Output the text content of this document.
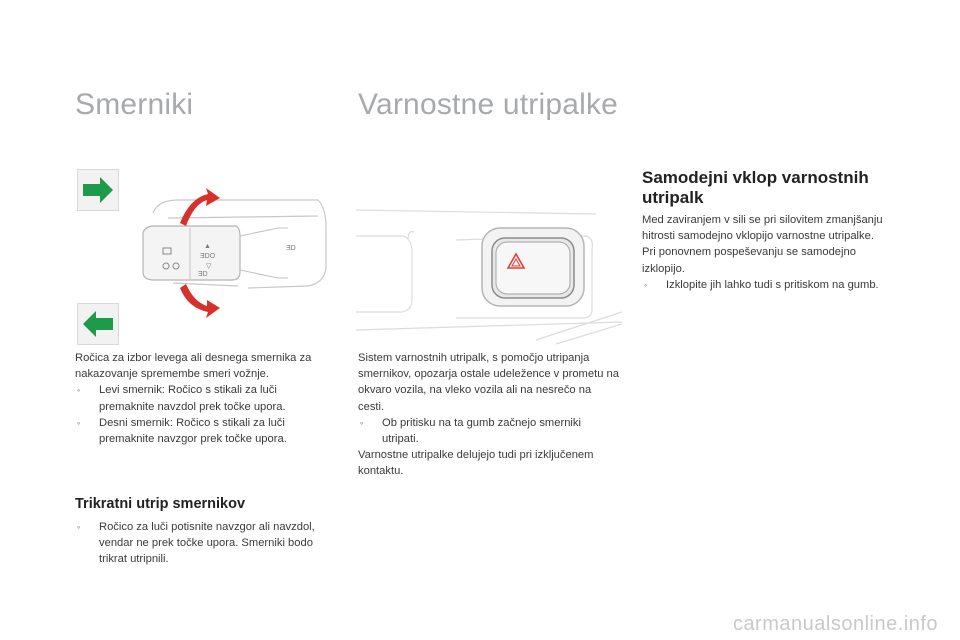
Smerniki	Varnostne utripalke
▲
ƎDO
▽
ƎD
ƎD

Ročica za izbor levega ali desnega smernika za nakazovanje spremembe smeri vožnje.

◦ Levi smernik: Ročico s stikali za luči premaknite navzdol prek točke upora.
◦ Desni smernik: Ročico s stikali za luči premaknite navzgor prek točke upora.
Trikratni utrip smernikov
◦ Ročico za luči potisnite navzgor ali navzdol, vendar ne prek točke upora. Smerniki bodo trikrat utripnili.

Sistem varnostnih utripalk, s pomočjo utripanja smernikov, opozarja ostale udeležence v prometu na okvaro vozila, na vleko vozila ali na nesrečo na cesti.

◦ Ob pritisku na ta gumb začnejo smerniki utripati.

Varnostne utripalke delujejo tudi pri izključenem kontaktu.

Samodejni vklop varnostnih utripalk

Med zaviranjem v sili se pri silovitem zmanjšanju hitrosti samodejno vklopijo varnostne utripalke.

Pri ponovnem pospeševanju se samodejno izklopijo.

◦ Izklopite jih lahko tudi s pritiskom na gumb.
carmanualsonline.info
